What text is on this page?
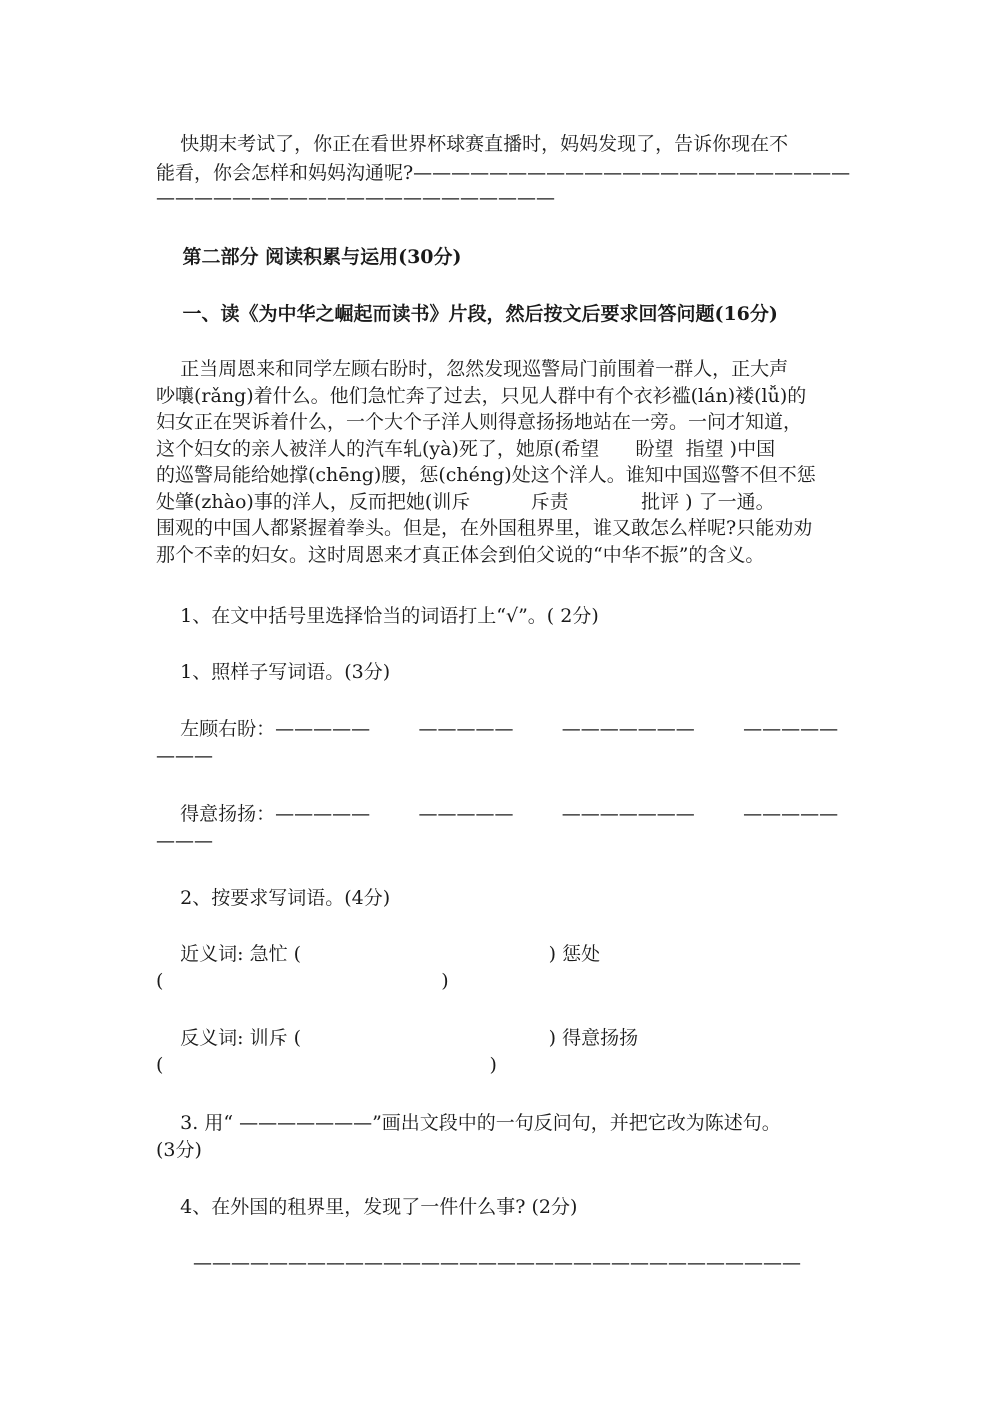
快期末考试了，你正在看世界杯球赛直播时，妈妈发现了，告诉你现在不
能看，你会怎样和妈妈沟通呢?———————————————————————
—————————————————————
第二部分 阅读积累与运用(30分)
一、读《为中华之崛起而读书》片段，然后按文后要求回答问题(16分)
正当周恩来和同学左顾右盼时，忽然发现巡警局门前围着一群人，正大声
吵嚷(rǎng)着什么。他们急忙奔了过去，只见人群中有个衣衫褴(lán)褛(lǚ)的
妇女正在哭诉着什么，一个大个子洋人则得意扬扬地站在一旁。一问才知道，
这个妇女的亲人被洋人的汽车轧(yà)死了，她原(希望      盼望  指望 )中国
的巡警局能给她撑(chēng)腰，惩(chéng)处这个洋人。谁知中国巡警不但不惩
处肇(zhào)事的洋人，反而把她(训斥          斥责            批评 ) 了一通。
围观的中国人都紧握着拳头。但是，在外国租界里，谁又敢怎么样呢?只能劝劝
那个不幸的妇女。这时周恩来才真正体会到伯父说的“中华不振”的含义。
1、在文中括号里选择恰当的词语打上“√”。( 2分)
1、照样子写词语。(3分)
左顾右盼：—————        —————        ———————        —————
———
得意扬扬：—————        —————        ———————        —————
———
2、按要求写词语。(4分)
近义词: 急忙 (                                         ) 惩处
(                                              )
反义词: 训斥 (                                         ) 得意扬扬
(                                                      )
3. 用“ ———————”画出文段中的一句反问句，并把它改为陈述句。
(3分)
4、在外国的租界里，发现了一件什么事? (2分)
————————————————————————————————
